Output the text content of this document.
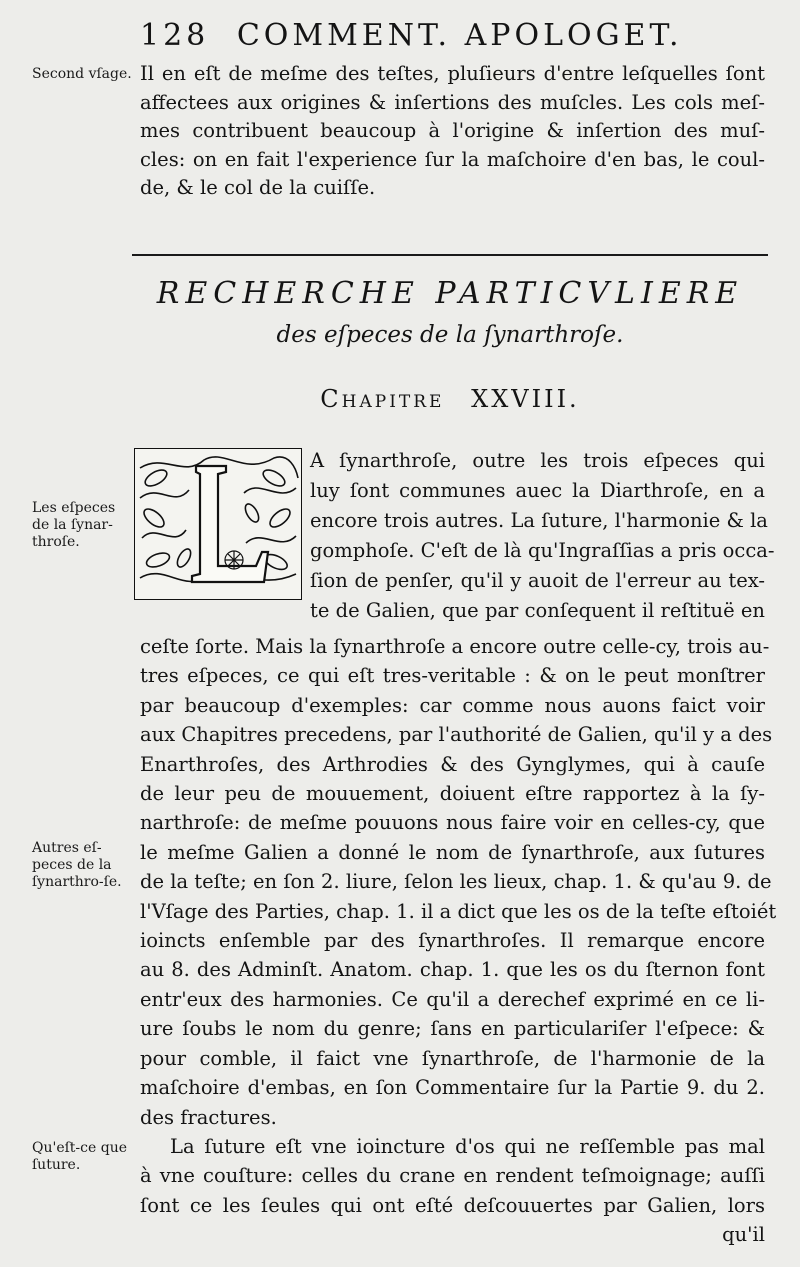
128 COMMENT. APOLOGET.
Second vſage. Il en eſt de meſme des teſtes, pluſieurs d'entre leſquelles ſont
affectees aux origines & inſertions des muſcles. Les cols meſ-
mes contribuent beaucoup à l'origine & inſertion des muſ-
cles: on en fait l'experience ſur la maſchoire d'en bas, le coul-
de, & le col de la cuiſſe.
RECHERCHE PARTICVLIERE
des eſpeces de la ſynarthroſe.
Chapitre XXVIII.
Les eſpeces de la ſynar-throſe.
A ſynarthroſe, outre les trois eſpeces qui
luy ſont communes auec la Diarthroſe, en a
encore trois autres. La ſuture, l'harmonie & la
gomphoſe. C'eſt de là qu'Ingraſſias a pris occa-
ſion de penſer, qu'il y auoit de l'erreur au tex-
te de Galien, que par conſequent il reſtituë en
ceſte ſorte. Mais la ſynarthroſe a encore outre celle-cy, trois au-
tres eſpeces, ce qui eſt tres-veritable : & on le peut monſtrer
par beaucoup d'exemples: car comme nous auons faict voir
aux Chapitres precedens, par l'authorité de Galien, qu'il y a des
Enarthroſes, des Arthrodies & des Gynglymes, qui à cauſe
de leur peu de mouuement, doiuent eſtre rapportez à la ſy-
narthroſe: de meſme pouuons nous faire voir en celles-cy, que
le meſme Galien a donné le nom de ſynarthroſe, aux ſutures
de la teſte; en ſon 2. liure, ſelon les lieux, chap. 1. & qu'au 9. de
l'Vſage des Parties, chap. 1. il a dict que les os de la teſte eſtoiét
ioincts enſemble par des ſynarthroſes. Il remarque encore
au 8. des Adminſt. Anatom. chap. 1. que les os du ſternon font
entr'eux des harmonies. Ce qu'il a derechef exprimé en ce li-
ure ſoubs le nom du genre; ſans en particulariſer l'eſpece: &
pour comble, il faict vne ſynarthroſe, de l'harmonie de la
maſchoire d'embas, en ſon Commentaire ſur la Partie 9. du 2.
des fractures.
Autres eſ-peces de la ſynarthro-ſe.
Qu'eſt-ce que ſuture.
La ſuture eſt vne ioincture d'os qui ne reſſemble pas mal
à vne couſture: celles du crane en rendent teſmoignage; auſſi
ſont ce les ſeules qui ont eſté deſcouuertes par Galien, lors
qu'il
